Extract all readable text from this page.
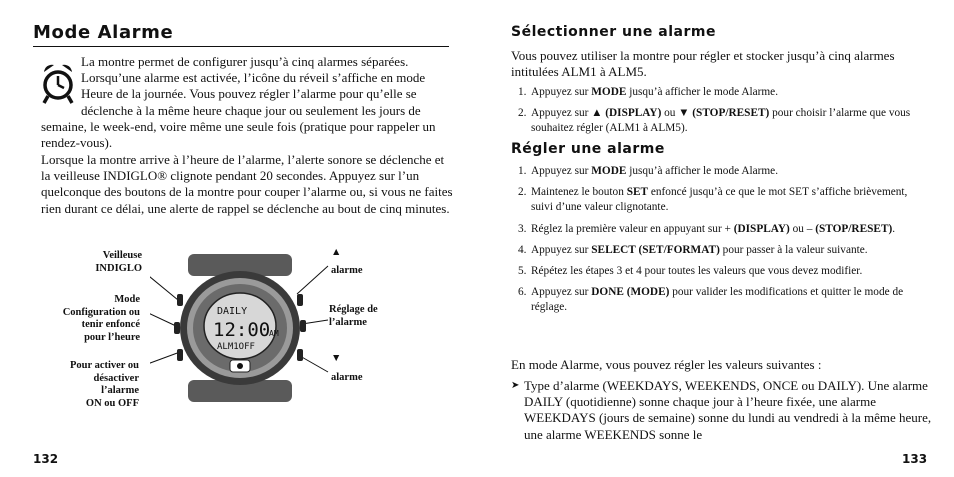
Mode Alarme

La montre permet de configurer jusqu’à cinq alarmes séparées. Lorsqu’une alarme est activée, l’icône du réveil s’affiche en mode Heure de la journée. Vous pouvez régler l’alarme pour qu’elle se déclenche à la même heure chaque jour ou seulement les jours de semaine, le week-end, voire même une seule fois (pratique pour rappeler un rendez-vous).

Lorsque la montre arrive à l’heure de l’alarme, l’alerte sonore se déclenche et la veilleuse INDIGLO® clignote pendant 20 secondes. Appuyez sur l’un quelconque des boutons de la montre pour couper l’alarme ou, si vous ne faites rien durant ce délai, une alerte de rappel se déclenche au bout de cinq minutes.

Veilleuse
INDIGLO
Mode
Configuration ou
tenir enfoncé
pour l’heure
Pour activer ou
désactiver
l’alarme
ON ou OFF
▲
alarme
Réglage de
l’alarme
▼
alarme
DAILY
12:00
AM
ALM1OFF
132
Sélectionner une alarme

Vous pouvez utiliser la montre pour régler et stocker jusqu’à cinq alarmes intitulées ALM1 à ALM5.

1. Appuyez sur MODE jusqu’à afficher le mode Alarme.
2. Appuyez sur ▲ (DISPLAY) ou ▼ (STOP/RESET) pour choisir l’alarme que vous souhaitez régler (ALM1 à ALM5).
Régler une alarme
1. Appuyez sur MODE jusqu’à afficher le mode Alarme.
2. Maintenez le bouton SET enfoncé jusqu’à ce que le mot SET s’affiche brièvement, suivi d’une valeur clignotante.
3. Réglez la première valeur en appuyant sur + (DISPLAY) ou – (STOP/RESET).
4. Appuyez sur SELECT (SET/FORMAT) pour passer à la valeur suivante.
5. Répétez les étapes 3 et 4 pour toutes les valeurs que vous devez modifier.
6. Appuyez sur DONE (MODE) pour valider les modifications et quitter le mode de réglage.

En mode Alarme, vous pouvez régler les valeurs suivantes :

➤ Type d’alarme (WEEKDAYS, WEEKENDS, ONCE ou DAILY). Une alarme DAILY (quotidienne) sonne chaque jour à l’heure fixée, une alarme WEEKDAYS (jours de semaine) sonne du lundi au vendredi à la même heure, une alarme WEEKENDS sonne le

133
